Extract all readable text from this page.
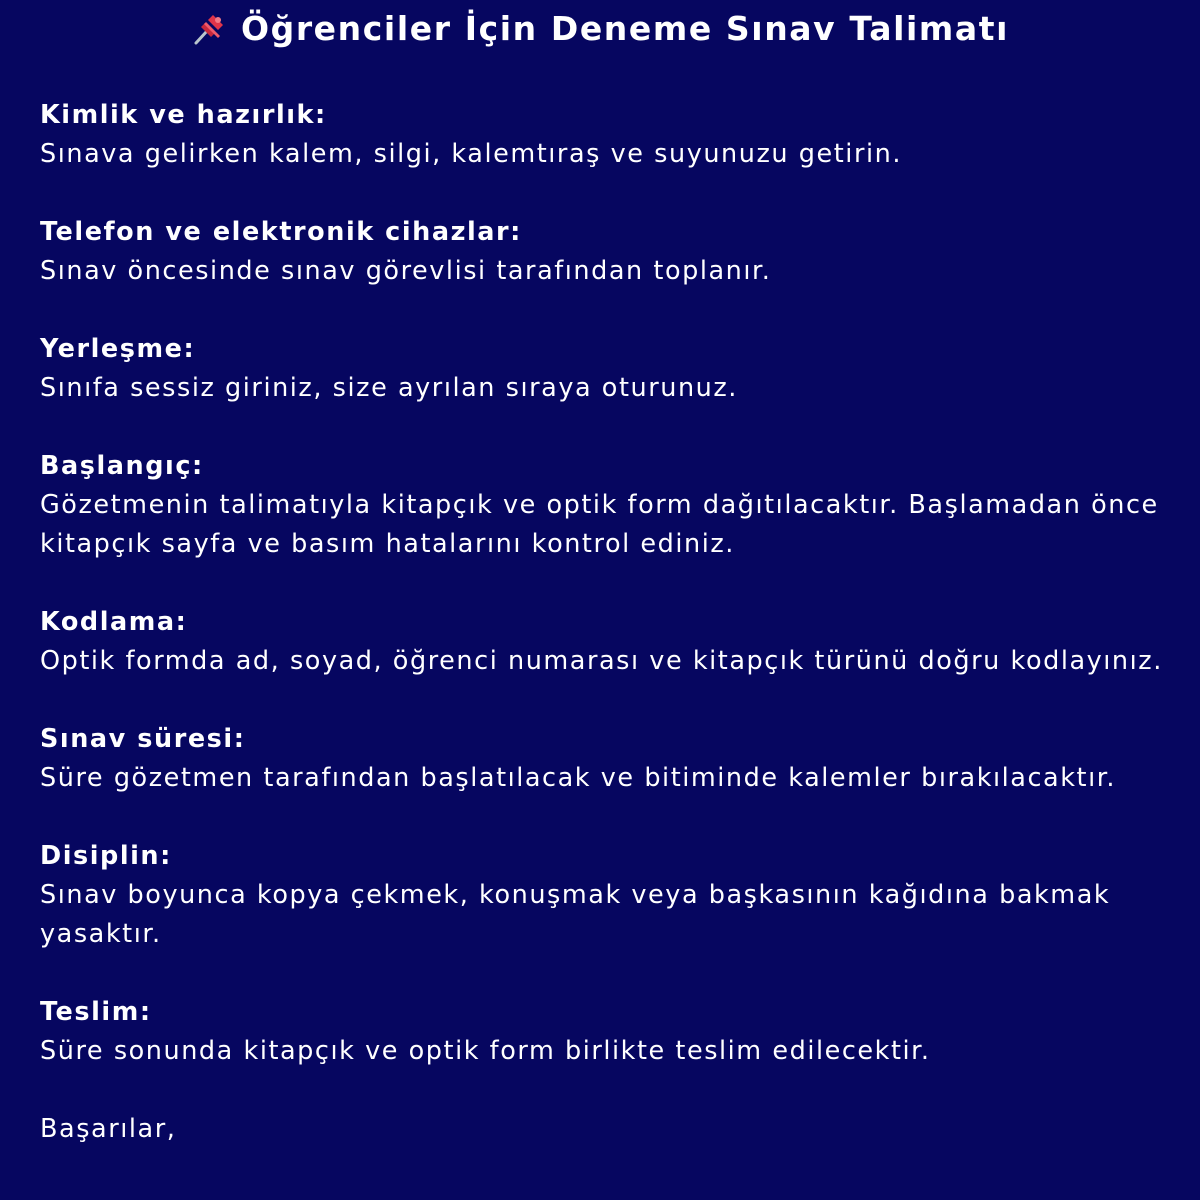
Öğrenciler İçin Deneme Sınav Talimatı
Kimlik ve hazırlık:
Sınava gelirken kalem, silgi, kalemtıraş ve suyunuzu getirin.
Telefon ve elektronik cihazlar:
Sınav öncesinde sınav görevlisi tarafından toplanır.
Yerleşme:
Sınıfa sessiz giriniz, size ayrılan sıraya oturunuz.
Başlangıç:
Gözetmenin talimatıyla kitapçık ve optik form dağıtılacaktır. Başlamadan önce kitapçık sayfa ve basım hatalarını kontrol ediniz.
Kodlama:
Optik formda ad, soyad, öğrenci numarası ve kitapçık türünü doğru kodlayınız.
Sınav süresi:
Süre gözetmen tarafından başlatılacak ve bitiminde kalemler bırakılacaktır.
Disiplin:
Sınav boyunca kopya çekmek, konuşmak veya başkasının kağıdına bakmak yasaktır.
Teslim:
Süre sonunda kitapçık ve optik form birlikte teslim edilecektir.
Başarılar,
